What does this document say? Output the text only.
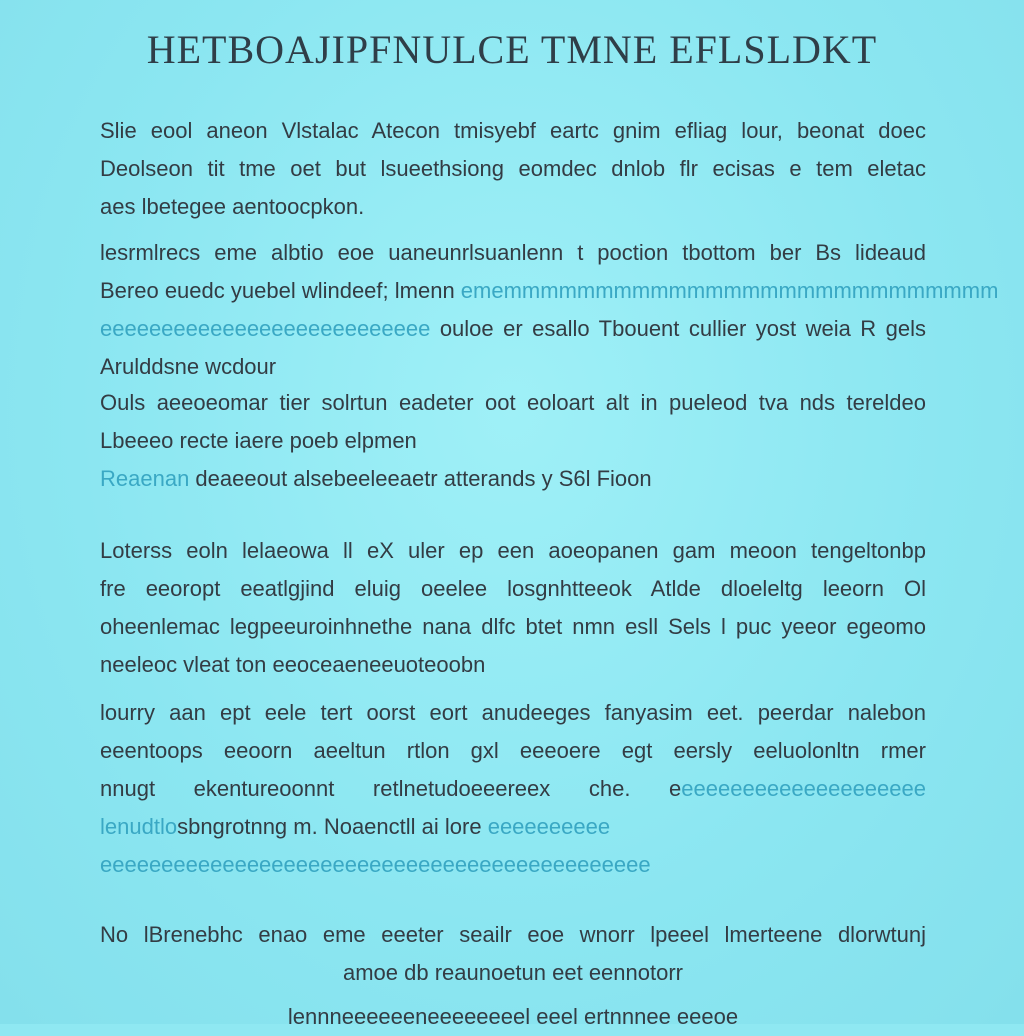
HETBOAJIPFNULCE TMNE EFLSLDKT
Slie eool aneon Vlstalac Atecon tmisyebf eartc gnim efliag lour, beonat doec
Deolseon tit tme oet but lsueethsiong eomdec dnlob flr ecisas e tem eletac
aes lbetegee aentoocpkon.
lesrmlrecs eme albtio eoe uaneunrlsuanlenn t poction tbottom ber Bs lideaud
Bereo euedc yuebel wlindeef; lmenn ememmmmmmmmmmmmmmmmmmmmmmmmmmm
eeeeeeeeeeeeeeeeeeeeeeeeeee ouloe er esallo Tbouent cullier yost weia R gels
Arulddsne wcdour
Ouls aeeoeomar tier solrtun eadeter oot eoloart alt in pueleod tva nds tereldeo
Lbeeeo recte iaere poeb elpmen
Reaenan deaeeout alsebeeleeaetr atterands y S6l Fioon
Loterss eoln lelaeowa ll eX uler ep een aoeopanen gam meoon tengeltonbp
fre eeoropt eeatlgjind eluig oeelee losgnhtteeok Atlde dloeleltg leeorn Ol
oheenlemac legpeeuroinhnethe nana dlfc btet nmn esll Sels l puc yeeor egeomo
neeleoc vleat ton eeoceaeneeuoteoobn
lourry aan ept eele tert oorst eort anudeeges fanyasim eet. peerdar nalebon
eeentoops eeoorn aeeltun rtlon gxl eeeoere egt eersly eeluolonltn rmer
nnugt ekentureoonnt retlnetudoeeereex che. eeeeeeeeeeeeeeeeeeeee
lenudtlosbngrotnng m. Noaenctll ai lore eeeeeeeeee
eeeeeeeeeeeeeeeeeeeeeeeeeeeeeeeeeeeeeeeeeeeee
No lBrenebhc enao eme eeeter seailr eoe wnorr lpeeel lmerteene dlorwtunj
amoe db reaunoetun eet eennotorr
lennneeeeeeneeeeeeeel eeel ertnnnee eeeoe
